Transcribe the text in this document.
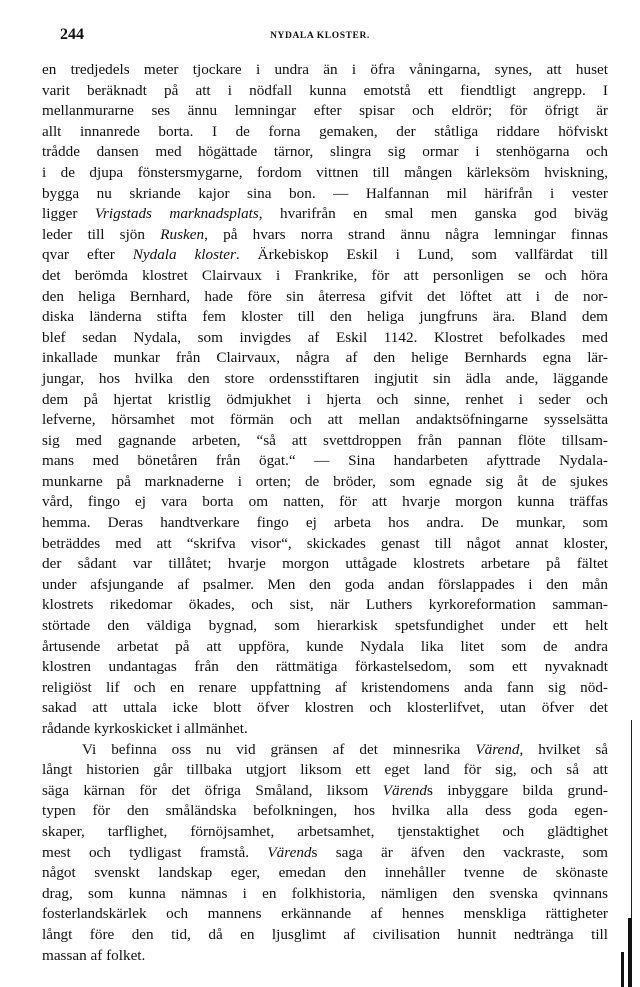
244	NYDALA KLOSTER.
en tredjedels meter tjockare i undra än i öfra våningarna, synes, att huset
varit beräknadt på att i nödfall kunna emotstå ett fiendtligt angrepp. I
mellanmurarne ses ännu lemningar efter spisar och eldrör; för öfrigt är
allt innanrede borta. I de forna gemaken, der ståtliga riddare höfviskt
trådde dansen med högättade tärnor, slingra sig ormar i stenhögarna och
i de djupa fönstersmygarne, fordom vittnen till mången kärleksöm hviskning,
bygga nu skriande kajor sina bon. — Halfannan mil härifrån i vester
ligger Vrigstads marknadsplats, hvarifrån en smal men ganska god biväg
leder till sjön Rusken, på hvars norra strand ännu några lemningar finnas
qvar efter Nydala kloster. Ärkebiskop Eskil i Lund, som vallfärdat till
det berömda klostret Clairvaux i Frankrike, för att personligen se och höra
den heliga Bernhard, hade före sin återresa gifvit det löftet att i de nor-
diska länderna stifta fem kloster till den heliga jungfruns ära. Bland dem
blef sedan Nydala, som invigdes af Eskil 1142. Klostret befolkades med
inkallade munkar från Clairvaux, några af den helige Bernhards egna lär-
jungar, hos hvilka den store ordensstiftaren ingjutit sin ädla ande, läggande
dem på hjertat kristlig ödmjukhet i hjerta och sinne, renhet i seder och
lefverne, hörsamhet mot förmän och att mellan andaktsöfningarne sysselsätta
sig med gagnande arbeten, “så att svettdroppen från pannan flöte tillsam-
mans med bönetåren från ögat.“ — Sina handarbeten afyttrade Nydala-
munkarne på marknaderne i orten; de bröder, som egnade sig åt de sjukes
vård, fingo ej vara borta om natten, för att hvarje morgon kunna träffas
hemma. Deras handtverkare fingo ej arbeta hos andra. De munkar, som
beträddes med att “skrifva visor“, skickades genast till något annat kloster,
der sådant var tillåtet; hvarje morgon uttågade klostrets arbetare på fältet
under afsjungande af psalmer. Men den goda andan förslappades i den mån
klostrets rikedomar ökades, och sist, när Luthers kyrkoreformation samman-
störtade den väldiga bygnad, som hierarkisk spetsfundighet under ett helt
årtusende arbetat på att uppföra, kunde Nydala lika litet som de andra
klostren undantagas från den rättmätiga förkastelsedom, som ett nyvaknadt
religiöst lif och en renare uppfattning af kristendomens anda fann sig nöd-
sakad att uttala icke blott öfver klostren och klosterlifvet, utan öfver det
rådande kyrkoskicket i allmänhet.
Vi befinna oss nu vid gränsen af det minnesrika Värend, hvilket så
långt historien går tillbaka utgjort liksom ett eget land för sig, och så att
säga kärnan för det öfriga Småland, liksom Värends inbyggare bilda grund-
typen för den småländska befolkningen, hos hvilka alla dess goda egen-
skaper, tarflighet, förnöjsamhet, arbetsamhet, tjenstaktighet och glädtighet
mest och tydligast framstå. Värends saga är äfven den vackraste, som
något svenskt landskap eger, emedan den innehåller tvenne de skönaste
drag, som kunna nämnas i en folkhistoria, nämligen den svenska qvinnans
fosterlandskärlek och mannens erkännande af hennes menskliga rättigheter
långt före den tid, då en ljusglimt af civilisation hunnit nedtränga till
massan af folket.
